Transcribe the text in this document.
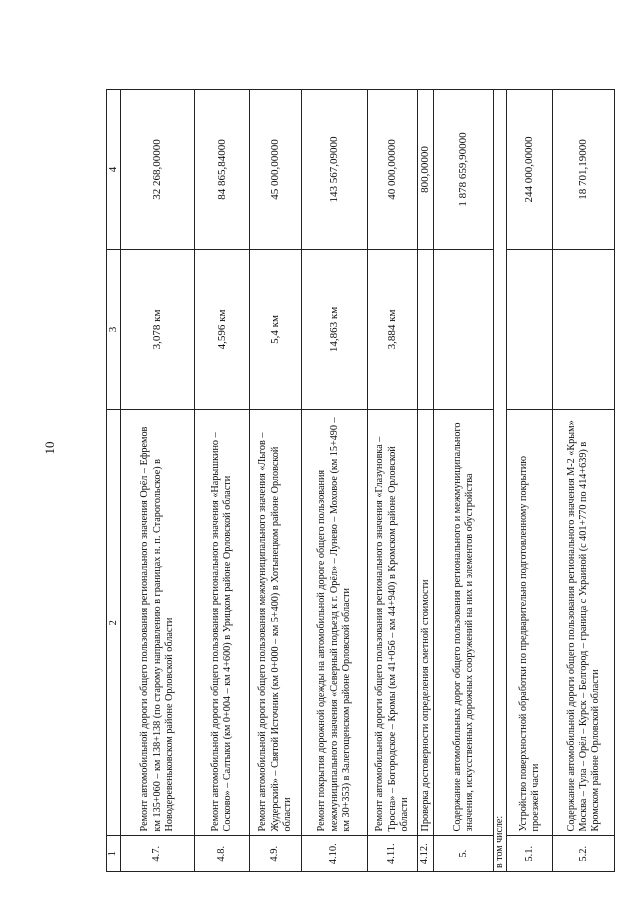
10
1	2	3	4
4.7.	Ремонт автомобильной дороги общего пользования регионального значения Орёл – Ефремов км 135+060 – км 138+138 (по старому направлению в границах н. п. Старогольское) в Новодеревеньковском районе Орловской области	3,078 км	32 268,00000
4.8.	Ремонт автомобильной дороги общего пользования регионального значения «Нарышкино – Сосково» – Салтыки (км 0+004 – км 4+600) в Урицком районе Орловской области	4,596 км	84 865,84000
4.9.	Ремонт автомобильной дороги общего пользования межмуниципального значения «Льгов – Жудерский» – Святой Источник (км 0+000 – км 5+400) в Хотынецком районе Орловской области	5,4 км	45 000,00000
4.10.	Ремонт покрытия дорожной одежды на автомобильной дороге общего пользования межмуниципального значения «Северный подъезд к г. Орёл» – Лунево – Моховое (км 15+490 – км 30+353) в Залегощенском районе Орловской области	14,863 км	143 567,09000
4.11.	Ремонт автомобильной дороги общего пользования регионального значения «Глазуновка – Тросна» – Богородское – Кромы (км 41+056 – км 44+940) в Кромском районе Орловской области	3,884 км	40 000,00000
4.12.	Проверка достоверности определения сметной стоимости		800,00000
5.	Содержание автомобильных дорог общего пользования регионального и межмуниципального значения, искусственных дорожных сооружений на них и элементов обустройства		1 878 659,90000
в том числе:			
5.1.	Устройство поверхностной обработки по предварительно подготовленному покрытию проезжей части		244 000,00000
5.2.	Содержание автомобильной дороги общего пользования регионального значения М-2 «Крым» Москва – Тула – Орёл – Курск – Белгород – граница с Украиной (с 401+770 по 414+639) в Кромском районе Орловской области		18 701,19000
